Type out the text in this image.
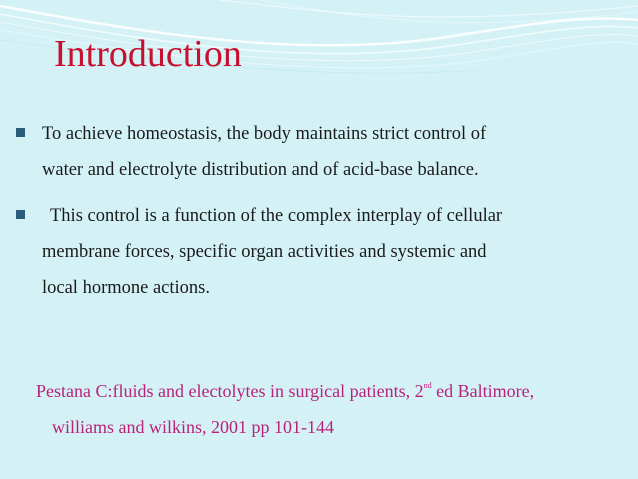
Introduction
To achieve homeostasis, the body maintains strict control of
water and electrolyte distribution and of acid-base balance.
This control is a function of the complex interplay of cellular
membrane forces, specific organ activities and systemic and
local hormone actions.
Pestana C:fluids and electolytes in surgical patients, 2nd ed Baltimore,
williams and wilkins, 2001 pp 101-144
